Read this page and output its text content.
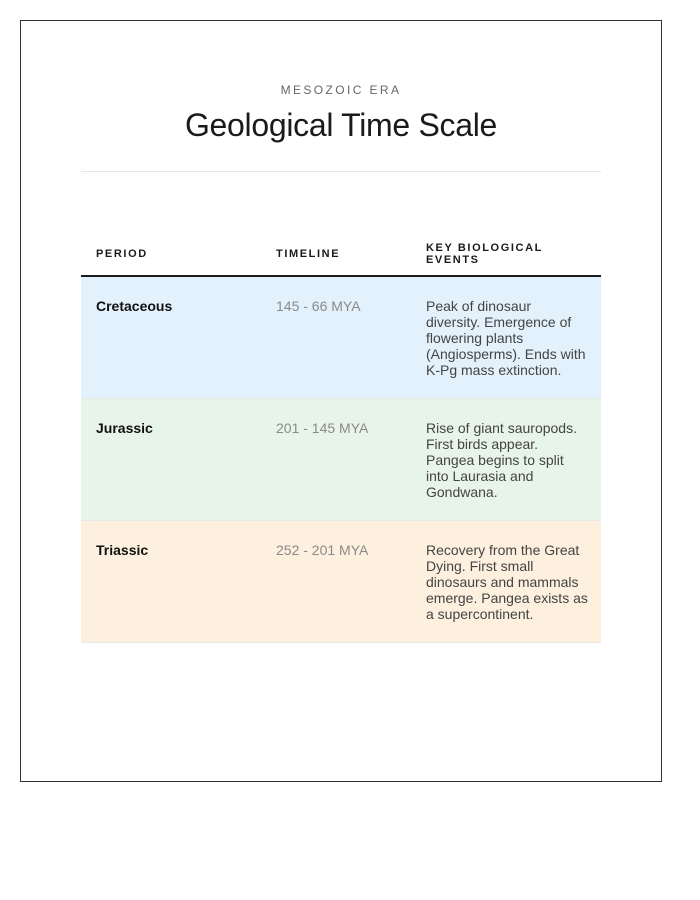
MESOZOIC ERA
Geological Time Scale
PERIOD	TIMELINE	KEY BIOLOGICAL EVENTS
Cretaceous	145 - 66 MYA	Peak of dinosaur diversity. Emergence of flowering plants (Angiosperms). Ends with K-Pg mass extinction.
Jurassic	201 - 145 MYA	Rise of giant sauropods. First birds appear. Pangea begins to split into Laurasia and Gondwana.
Triassic	252 - 201 MYA	Recovery from the Great Dying. First small dinosaurs and mammals emerge. Pangea exists as a supercontinent.
